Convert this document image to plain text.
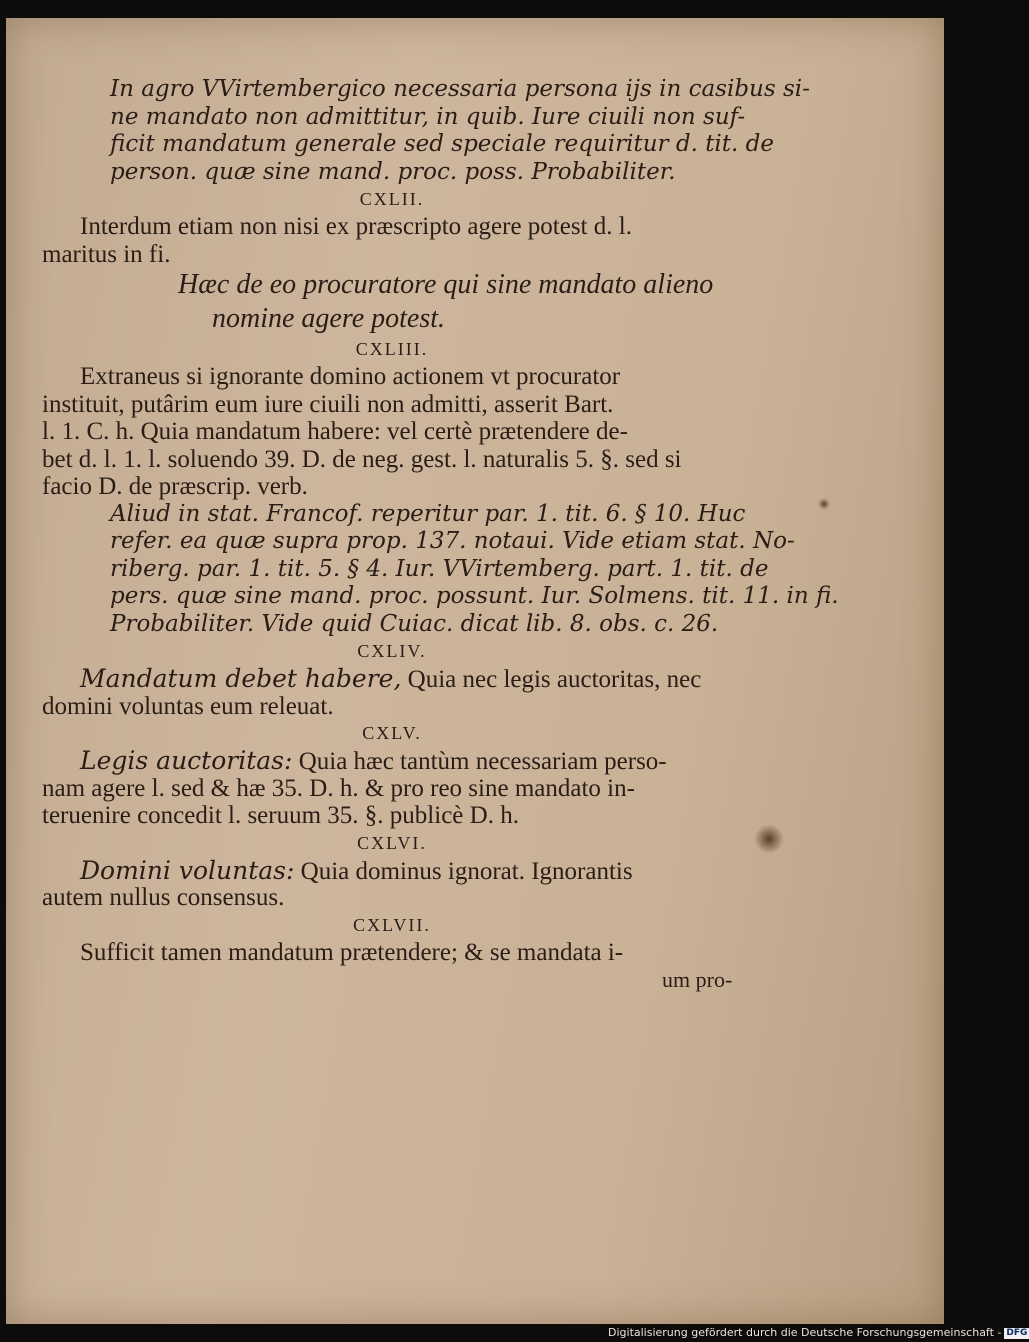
In agro VVirtembergico necessaria persona ijs in casibus si-
ne mandato non admittitur, in quib. Iure ciuili non suf-
ficit mandatum generale sed speciale requiritur d. tit. de
person. quæ sine mand. proc. poss. Probabiliter.
CXLII.
Interdum etiam non nisi ex præscripto agere potest d. l.
maritus in fi.
Hæc de eo procuratore qui sine mandato alieno
nomine agere potest.
CXLIII.
Extraneus si ignorante domino actionem vt procurator
instituit, putârim eum iure ciuili non admitti, asserit Bart.
l. 1. C. h. Quia mandatum habere: vel certè prætendere de-
bet d. l. 1. l. soluendo 39. D. de neg. gest. l. naturalis 5. §. sed si
facio D. de præscrip. verb.
Aliud in stat. Francof. reperitur par. 1. tit. 6. § 10. Huc
refer. ea quæ supra prop. 137. notaui. Vide etiam stat. No-
riberg. par. 1. tit. 5. § 4. Iur. VVirtemberg. part. 1. tit. de
pers. quæ sine mand. proc. possunt. Iur. Solmens. tit. 11. in fi.
Probabiliter. Vide quid Cuiac. dicat lib. 8. obs. c. 26.
CXLIV.
Mandatum debet habere, Quia nec legis auctoritas, nec
domini voluntas eum releuat.
CXLV.
Legis auctoritas: Quia hæc tantùm necessariam perso-
nam agere l. sed & hæ 35. D. h. & pro reo sine mandato in-
teruenire concedit l. seruum 35. §. publicè D. h.
CXLVI.
Domini voluntas: Quia dominus ignorat. Ignorantis
autem nullus consensus.
CXLVII.
Sufficit tamen mandatum prætendere; & se mandata i-
um pro-
Digitalisierung gefördert durch die Deutsche Forschungsgemeinschaft - DFG
